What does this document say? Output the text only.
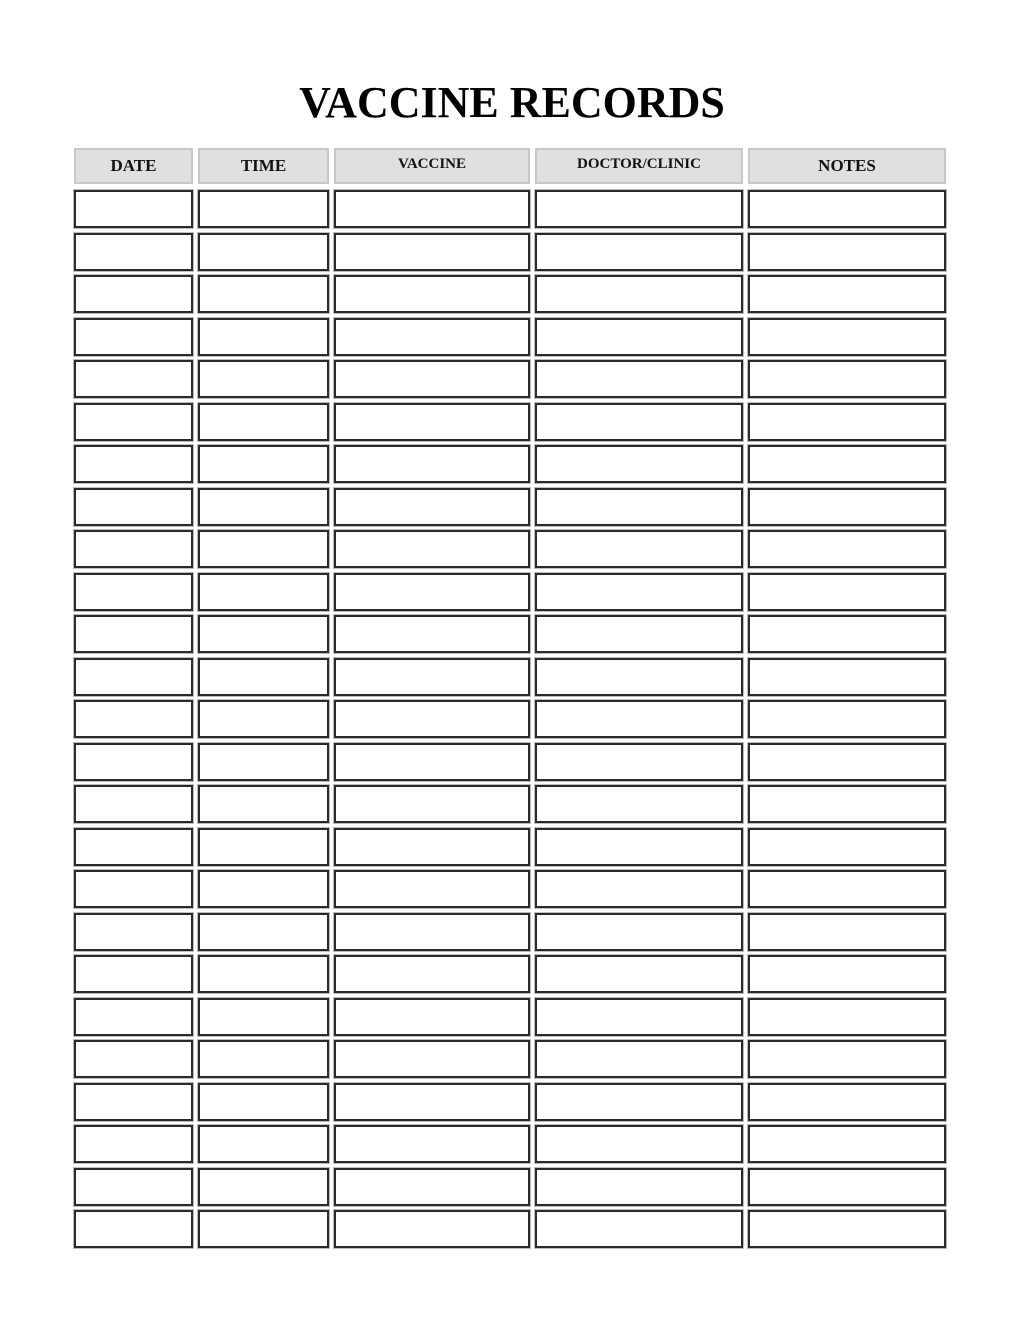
VACCINE RECORDS
DATE	TIME	VACCINE	DOCTOR/CLINIC	NOTES
